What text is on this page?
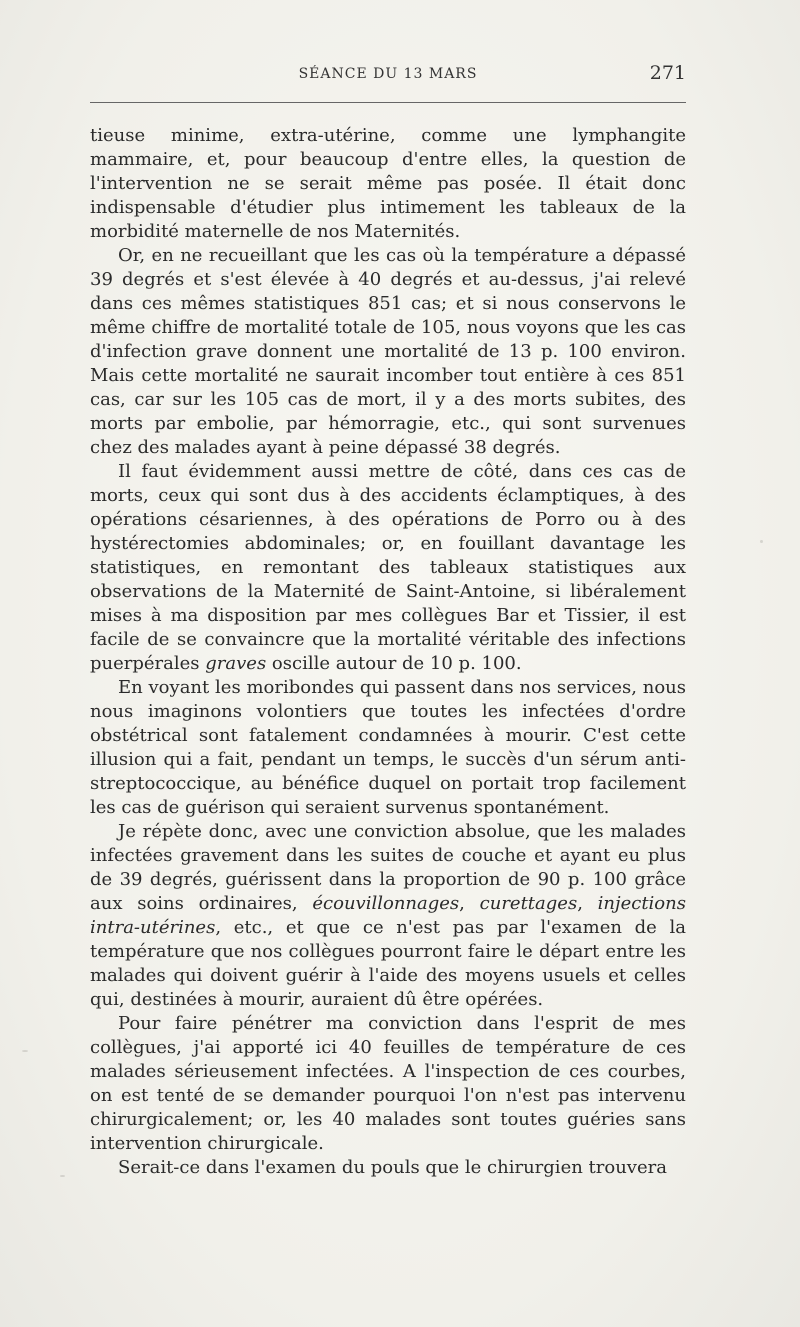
SÉANCE DU 13 MARS	271

tieuse minime, extra-utérine, comme une lymphangite mammaire, et, pour beaucoup d'entre elles, la question de l'intervention ne se serait même pas posée. Il était donc indispensable d'étudier plus intimement les tableaux de la morbidité maternelle de nos Maternités.

Or, en ne recueillant que les cas où la température a dépassé 39 degrés et s'est élevée à 40 degrés et au-dessus, j'ai relevé dans ces mêmes statistiques 851 cas; et si nous conservons le même chiffre de mortalité totale de 105, nous voyons que les cas d'infection grave donnent une mortalité de 13 p. 100 environ. Mais cette mortalité ne saurait incomber tout entière à ces 851 cas, car sur les 105 cas de mort, il y a des morts subites, des morts par embolie, par hémorragie, etc., qui sont survenues chez des malades ayant à peine dépassé 38 degrés.

Il faut évidemment aussi mettre de côté, dans ces cas de morts, ceux qui sont dus à des accidents éclamptiques, à des opérations césariennes, à des opérations de Porro ou à des hystérectomies abdominales; or, en fouillant davantage les statistiques, en remontant des tableaux statistiques aux observations de la Maternité de Saint-Antoine, si libéralement mises à ma disposition par mes collègues Bar et Tissier, il est facile de se convaincre que la mortalité véritable des infections puerpérales graves oscille autour de 10 p. 100.

En voyant les moribondes qui passent dans nos services, nous nous imaginons volontiers que toutes les infectées d'ordre obstétrical sont fatalement condamnées à mourir. C'est cette illusion qui a fait, pendant un temps, le succès d'un sérum anti-streptococcique, au bénéfice duquel on portait trop facilement les cas de guérison qui seraient survenus spontanément.

Je répète donc, avec une conviction absolue, que les malades infectées gravement dans les suites de couche et ayant eu plus de 39 degrés, guérissent dans la proportion de 90 p. 100 grâce aux soins ordinaires, écouvillonnages, curettages, injections intra-utérines, etc., et que ce n'est pas par l'examen de la température que nos collègues pourront faire le départ entre les malades qui doivent guérir à l'aide des moyens usuels et celles qui, destinées à mourir, auraient dû être opérées.

Pour faire pénétrer ma conviction dans l'esprit de mes collègues, j'ai apporté ici 40 feuilles de température de ces malades sérieusement infectées. A l'inspection de ces courbes, on est tenté de se demander pourquoi l'on n'est pas intervenu chirurgicalement; or, les 40 malades sont toutes guéries sans intervention chirurgicale.

Serait-ce dans l'examen du pouls que le chirurgien trouvera
